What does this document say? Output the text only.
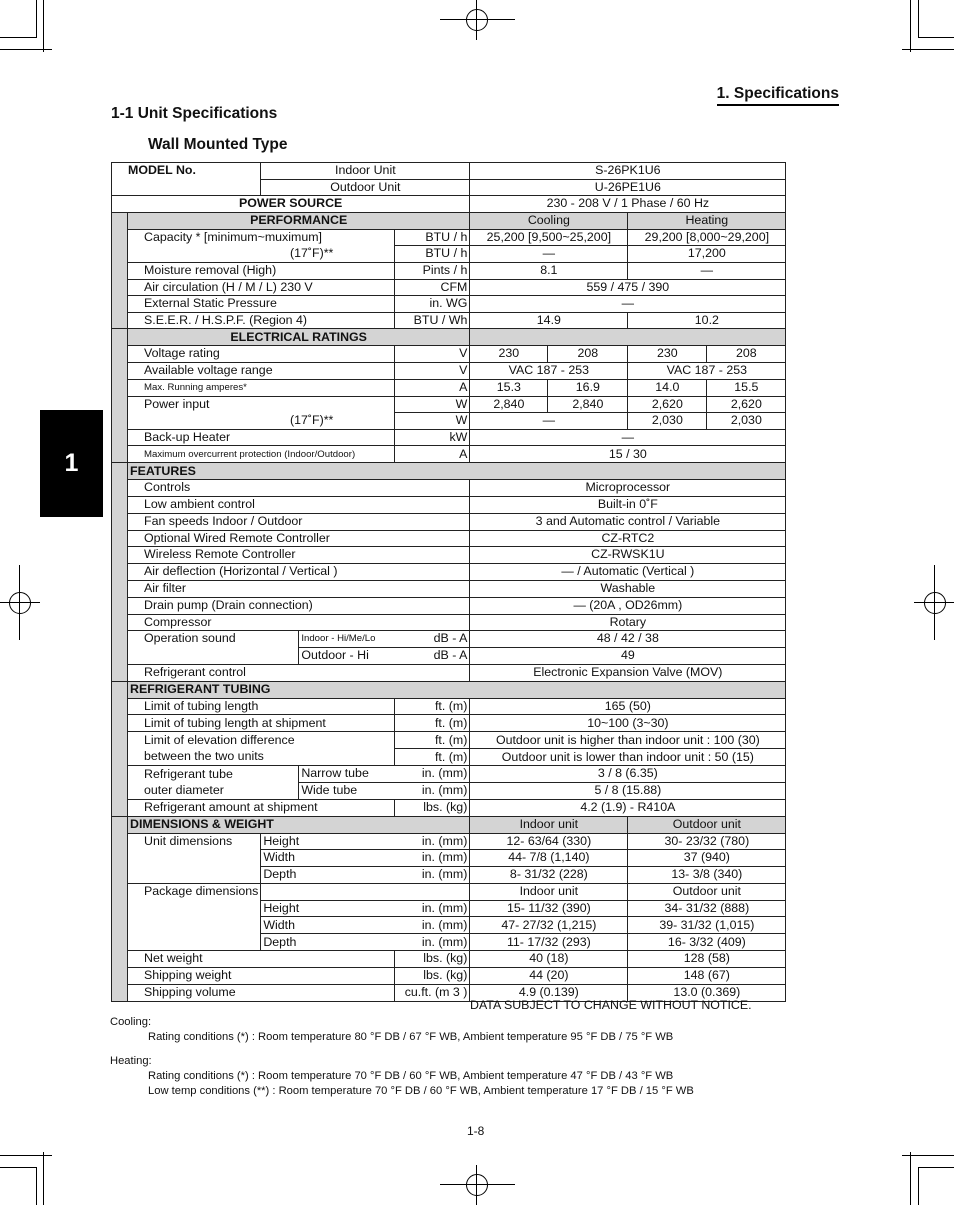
1. Specifications
1-1 Unit Specifications
Wall Mounted Type
1
MODEL No.		Indoor Unit			S-26PK1U6			
		Outdoor Unit			U-26PE1U6			
POWER SOURCE					230 - 208 V / 1 Phase / 60 Hz			
	PERFORMANCE				Cooling		Heating	
	Capacity * [minimum~muximum]			BTU / h	25,200 [9,500~25,200]		29,200 [8,000~29,200]	
	(17˚F)**			BTU / h	—		17,200	
	Moisture removal (High)			Pints / h	8.1		—	
	Air circulation (H / M / L) 230 V			CFM	559 / 475 / 390			
	External Static Pressure			in. WG	—			
	S.E.E.R. / H.S.P.F. (Region 4)			BTU / Wh	14.9		10.2	
	ELECTRICAL RATINGS							
	Voltage rating			V	230	208	230	208
	Available voltage range			V	VAC 187 - 253		VAC 187 - 253	
	Max. Running amperes*			A	15.3	16.9	14.0	15.5
	Power input			W	2,840	2,840	2,620	2,620
	(17˚F)**			W	—		2,030	2,030
	Back-up Heater			kW	—			
	Maximum overcurrent protection (Indoor/Outdoor)			A	15 / 30			
	FEATURES							
	Controls				Microprocessor			
	Low ambient control				Built-in 0˚F			
	Fan speeds Indoor / Outdoor				3 and Automatic control / Variable			
	Optional Wired Remote Controller				CZ-RTC2			
	Wireless Remote Controller				CZ-RWSK1U			
	Air deflection (Horizontal / Vertical )				— / Automatic (Vertical )			
	Air filter				Washable			
	Drain pump (Drain connection)				— (20A , OD26mm)			
	Compressor				Rotary			
	Operation sound		Indoor - Hi/Me/Lo	dB - A	48 / 42 / 38			
			Outdoor - Hi	dB - A	49			
	Refrigerant control				Electronic Expansion Valve (MOV)			
	REFRIGERANT TUBING							
	Limit of tubing length			ft. (m)	165 (50)			
	Limit of tubing length at shipment			ft. (m)	10~100 (3~30)			
	Limit of elevation difference			ft. (m)	Outdoor unit is higher than indoor unit : 100 (30)			
	between the two units			ft. (m)	Outdoor unit is lower than indoor unit : 50 (15)			
	Refrigerant tube		Narrow tube	in. (mm)	3 / 8 (6.35)			
	outer diameter		Wide tube	in. (mm)	5 / 8 (15.88)			
	Refrigerant amount at shipment			lbs. (kg)	4.2 (1.9) - R410A			
	DIMENSIONS & WEIGHT				Indoor unit		Outdoor unit	
	Unit dimensions	Height		in. (mm)	12- 63/64 (330)		30- 23/32 (780)	
		Width		in. (mm)	44- 7/8 (1,140)		37 (940)	
		Depth		in. (mm)	8- 31/32 (228)		13- 3/8 (340)	
	Package dimensions				Indoor unit		Outdoor unit	
		Height		in. (mm)	15- 11/32 (390)		34- 31/32 (888)	
		Width		in. (mm)	47- 27/32 (1,215)		39- 31/32 (1,015)	
		Depth		in. (mm)	11- 17/32 (293)		16- 3/32 (409)	
	Net weight			lbs. (kg)	40 (18)		128 (58)	
	Shipping weight			lbs. (kg)	44 (20)		148 (67)	
	Shipping volume			cu.ft. (m 3 )	4.9 (0.139)		13.0 (0.369)	
DATA SUBJECT TO CHANGE WITHOUT NOTICE.
Cooling:
Rating conditions (*) : Room temperature 80 °F DB / 67 °F WB, Ambient temperature 95 °F DB / 75 °F WB
Heating:
Rating conditions (*) : Room temperature 70 °F DB / 60 °F WB, Ambient temperature 47 °F DB / 43 °F WB
Low temp conditions (**) : Room temperature 70 °F DB / 60 °F WB, Ambient temperature 17 °F DB / 15 °F WB
1-8
